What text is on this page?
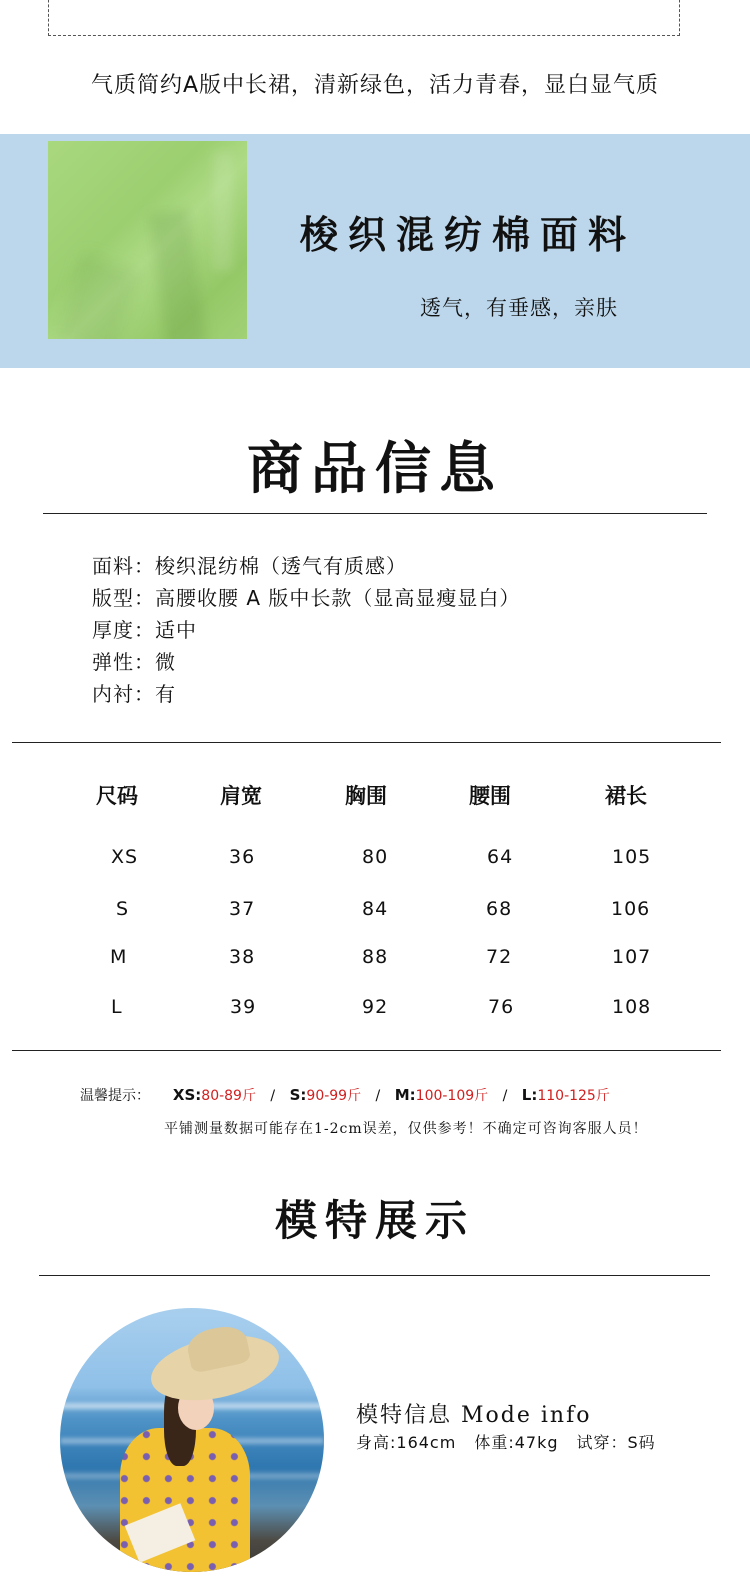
气质简约A版中长裙，清新绿色，活力青春，显白显气质
梭织混纺棉面料
透气，有垂感，亲肤
商品信息
面料：梭织混纺棉（透气有质感）
版型：高腰收腰 A 版中长款（显高显瘦显白）
厚度：适中
弹性：微
内衬：有
尺码	肩宽	胸围	腰围	裙长
XS	36	80	64	105
S	37	84	68	106
M	38	88	72	107
L	39	92	76	108
温馨提示： XS:80-89斤 / S:90-99斤 / M:100-109斤 / L:110-125斤
平铺测量数据可能存在1-2cm误差，仅供参考！不确定可咨询客服人员！
模特展示
模特信息 Mode info
身高:164cm 体重:47kg 试穿：S码
